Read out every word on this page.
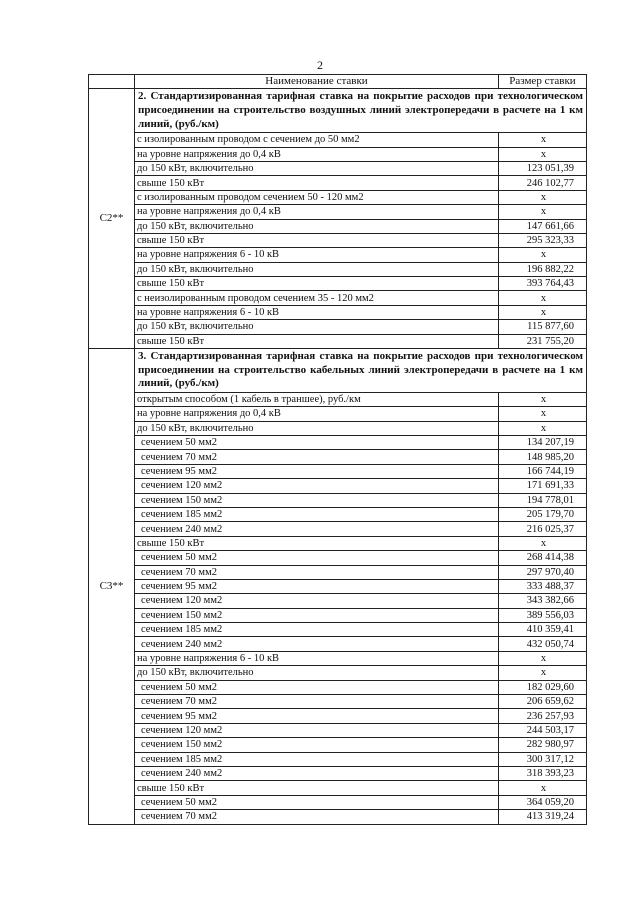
2
	Наименование ставки	Размер ставки
С2**	2. Стандартизированная тарифная ставка на покрытие расходов при технологическом присоединении на строительство воздушных линий электропередачи в расчете на 1 км линий, (руб./км)	
	с изолированным проводом с сечением до 50 мм2	х
	на уровне напряжения до 0,4 кВ	х
	до 150 кВт, включительно	123 051,39
	свыше 150 кВт	246 102,77
	с изолированным проводом сечением 50 - 120 мм2	х
	на уровне напряжения до 0,4 кВ	х
	до 150 кВт, включительно	147 661,66
	свыше 150 кВт	295 323,33
	на уровне напряжения 6 - 10 кВ	х
	до 150 кВт, включительно	196 882,22
	свыше 150 кВт	393 764,43
	с неизолированным проводом сечением 35 - 120 мм2	х
	на уровне напряжения 6 - 10 кВ	х
	до 150 кВт, включительно	115 877,60
	свыше 150 кВт	231 755,20
С3**	3. Стандартизированная тарифная ставка на покрытие расходов при технологическом присоединении на строительство кабельных линий электропередачи в расчете на 1 км линий, (руб./км)	
	открытым способом (1 кабель в траншее), руб./км	х
	на уровне напряжения до 0,4 кВ	х
	до 150 кВт, включительно	х
	сечением 50 мм2	134 207,19
	сечением 70 мм2	148 985,20
	сечением 95 мм2	166 744,19
	сечением 120 мм2	171 691,33
	сечением 150 мм2	194 778,01
	сечением 185 мм2	205 179,70
	сечением 240 мм2	216 025,37
	свыше 150 кВт	х
	сечением 50 мм2	268 414,38
	сечением 70 мм2	297 970,40
	сечением 95 мм2	333 488,37
	сечением 120 мм2	343 382,66
	сечением 150 мм2	389 556,03
	сечением 185 мм2	410 359,41
	сечением 240 мм2	432 050,74
	на уровне напряжения 6 - 10 кВ	х
	до 150 кВт, включительно	х
	сечением 50 мм2	182 029,60
	сечением 70 мм2	206 659,62
	сечением 95 мм2	236 257,93
	сечением 120 мм2	244 503,17
	сечением 150 мм2	282 980,97
	сечением 185 мм2	300 317,12
	сечением 240 мм2	318 393,23
	свыше 150 кВт	х
	сечением 50 мм2	364 059,20
	сечением 70 мм2	413 319,24
